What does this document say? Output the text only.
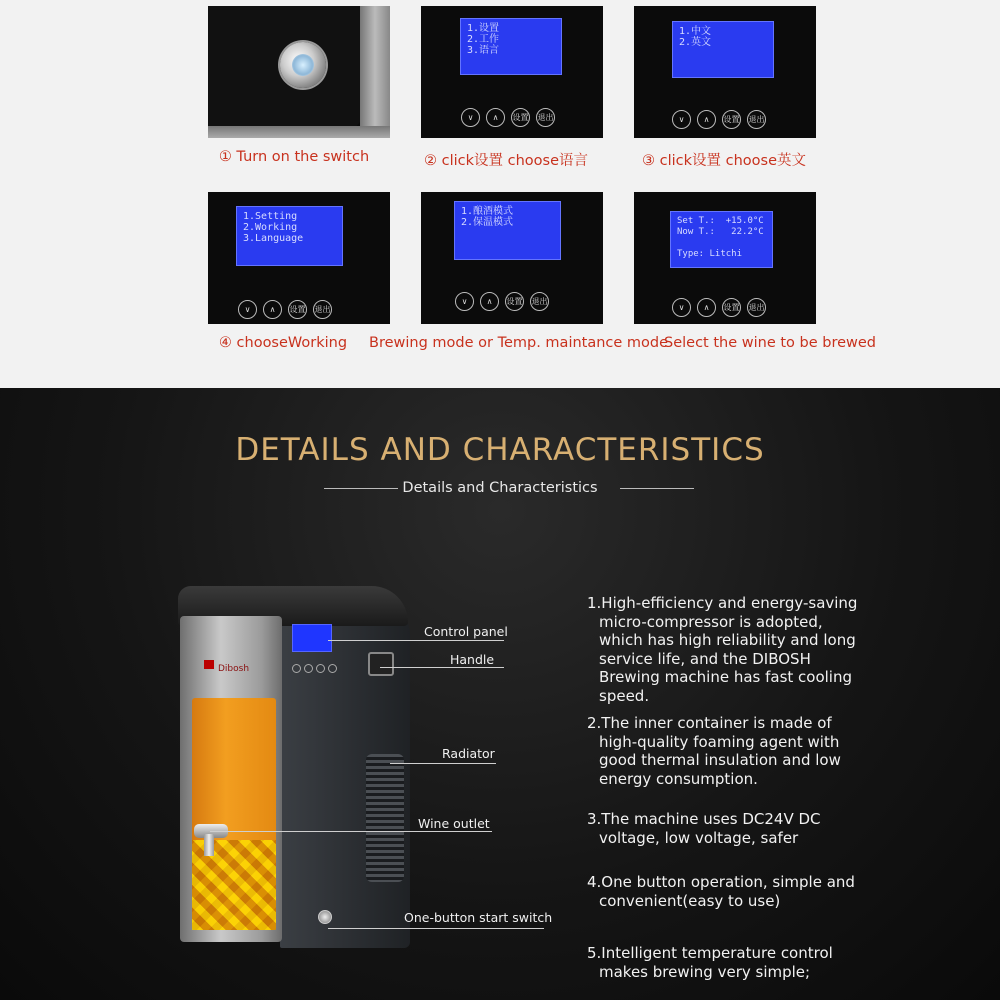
① Turn on the switch
1.设置
2.工作
3.语言
∨	∧	设置 退出
② click设置 choose语言
1.中文
2.英文
∨	∧	设置 退出
③ click设置 choose英文
1.Setting
2.Working
3.Language
∨	∧	设置 退出
④ chooseWorking
1.酿酒模式
2.保温模式
∨	∧	设置 退出
Brewing mode or Temp. maintance mode
Set T.:  +15.0°C
Now T.:   22.2°C

Type: Litchi
∨	∧	设置 退出
Select the wine to be brewed
DETAILS AND CHARACTERISTICS
Details and Characteristics
Dibosh
Control panel
Handle
Radiator
Wine outlet
One-button start switch
1.High-efficiency and energy-saving micro-compressor is adopted, which has high reliability and long service life, and the DIBOSH Brewing machine has fast cooling speed.
2.The inner container is made of high-quality foaming agent with good thermal insulation and low energy consumption.
3.The machine uses DC24V DC voltage, low voltage, safer
4.One button operation, simple and convenient(easy to use)
5.Intelligent temperature control makes brewing very simple;
